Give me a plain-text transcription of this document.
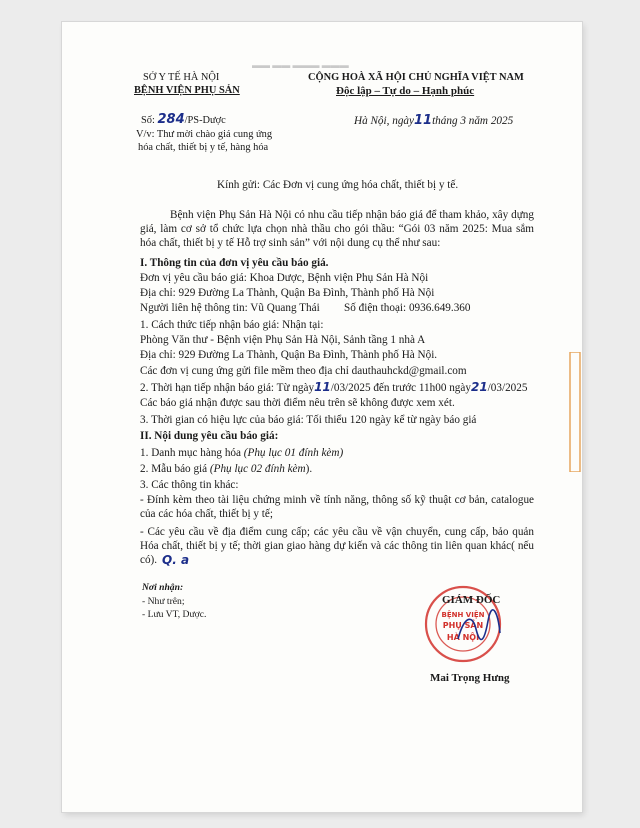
▬▬ ▬▬ ▬▬▬ ▬▬▬
SỞ Y TẾ HÀ NỘI
BỆNH VIỆN PHỤ SẢN
Số: 284/PS-Dược
V/v: Thư mời chào giá cung ứng
hóa chất, thiết bị y tế, hàng hóa
CỘNG HOÀ XÃ HỘI CHỦ NGHĨA VIỆT NAM
Độc lập – Tự do – Hạnh phúc
Hà Nội, ngày11tháng 3 năm 2025
Kính gửi: Các Đơn vị cung ứng hóa chất, thiết bị y tế.
Bệnh viện Phụ Sản Hà Nội có nhu cầu tiếp nhận báo giá để tham khảo, xây dựng giá, làm cơ sở tổ chức lựa chọn nhà thầu cho gói thầu: “Gói 03 năm 2025: Mua sắm hóa chất, thiết bị y tế Hỗ trợ sinh sản” với nội dung cụ thể như sau:
I. Thông tin của đơn vị yêu cầu báo giá.
Đơn vị yêu cầu báo giá: Khoa Dược, Bệnh viện Phụ Sản Hà Nội
Địa chỉ: 929 Đường La Thành, Quận Ba Đình, Thành phố Hà Nội
Người liên hệ thông tin: Vũ Quang Thái Số điện thoại: 0936.649.360
1. Cách thức tiếp nhận báo giá: Nhận tại:
Phòng Văn thư - Bệnh viện Phụ Sản Hà Nội, Sảnh tầng 1 nhà A
Địa chỉ: 929 Đường La Thành, Quận Ba Đình, Thành phố Hà Nội.
Các đơn vị cung ứng gửi file mềm theo địa chỉ dauthauhckd@gmail.com
2. Thời hạn tiếp nhận báo giá: Từ ngày11/03/2025 đến trước 11h00 ngày21/03/2025
Các báo giá nhận được sau thời điểm nêu trên sẽ không được xem xét.
3. Thời gian có hiệu lực của báo giá: Tối thiểu 120 ngày kể từ ngày báo giá
II. Nội dung yêu cầu báo giá:
1. Danh mục hàng hóa (Phụ lục 01 đính kèm)
2. Mẫu báo giá (Phụ lục 02 đính kèm).
3. Các thông tin khác:
- Đính kèm theo tài liệu chứng minh về tính năng, thông số kỹ thuật cơ bản, catalogue của các hóa chất, thiết bị y tế;
- Các yêu cầu về địa điểm cung cấp; các yêu cầu về vận chuyển, cung cấp, bảo quản Hóa chất, thiết bị y tế; thời gian giao hàng dự kiến và các thông tin liên quan khác( nếu có). Q. a
Nơi nhận:
- Như trên;
- Lưu VT, Dược.	BỆNH VIỆN
PHỤ SẢN
HÀ NỘI
GIÁM ĐỐC
Mai Trọng Hưng
